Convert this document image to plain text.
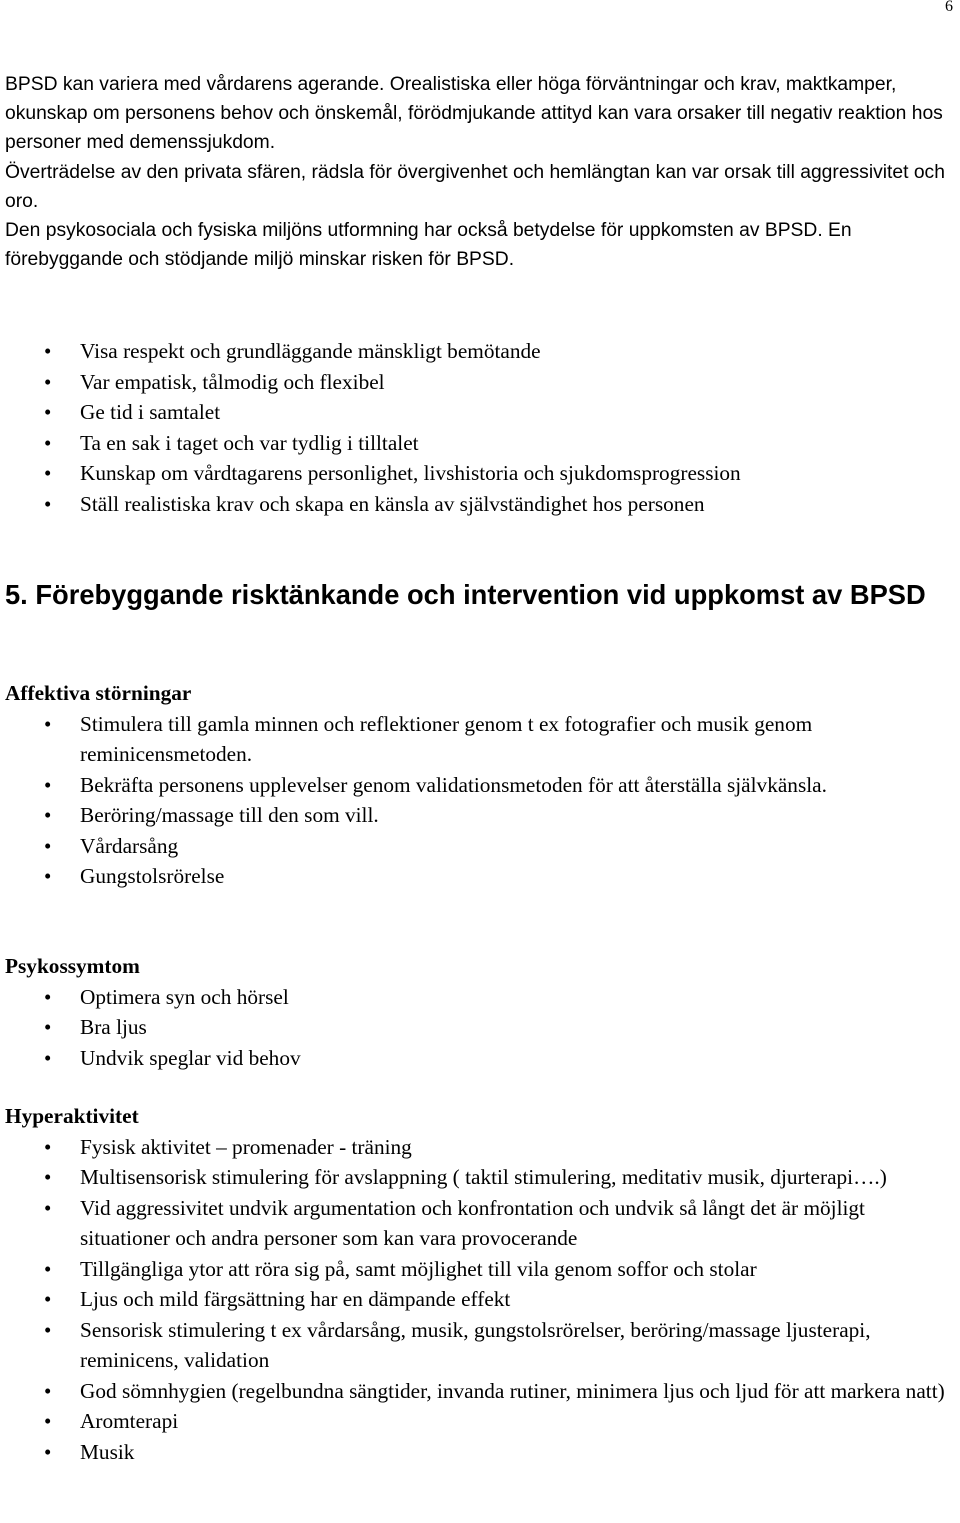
6

BPSD kan variera med vårdarens agerande. Orealistiska eller höga förväntningar och krav, maktkamper, okunskap om personens behov och önskemål, förödmjukande attityd kan vara orsaker till negativ reaktion hos personer med demenssjukdom.

Överträdelse av den privata sfären, rädsla för övergivenhet och hemlängtan kan var orsak till aggressivitet och oro.

Den psykosociala och fysiska miljöns utformning har också betydelse för uppkomsten av BPSD. En förebyggande och stödjande miljö minskar risken för BPSD.

• Visa respekt och grundläggande mänskligt bemötande
• Var empatisk, tålmodig och flexibel
• Ge tid i samtalet
• Ta en sak i taget och var tydlig i tilltalet
• Kunskap om vårdtagarens personlighet, livshistoria och sjukdomsprogression
• Ställ realistiska krav och skapa en känsla av självständighet hos personen
5. Förebyggande risktänkande och intervention vid uppkomst av BPSD
Affektiva störningar
• Stimulera till gamla minnen och reflektioner genom t ex fotografier och musik genom reminicensmetoden.
• Bekräfta personens upplevelser genom validationsmetoden för att återställa självkänsla.
• Beröring/massage till den som vill.
• Vårdarsång
• Gungstolsrörelse
Psykossymtom
• Optimera syn och hörsel
• Bra ljus
• Undvik speglar vid behov
Hyperaktivitet
• Fysisk aktivitet – promenader - träning
• Multisensorisk stimulering för avslappning ( taktil stimulering, meditativ musik, djurterapi….)
• Vid aggressivitet undvik argumentation och konfrontation och undvik så långt det är möjligt situationer och andra personer som kan vara provocerande
• Tillgängliga ytor att röra sig på, samt möjlighet till vila genom soffor och stolar
• Ljus och mild färgsättning har en dämpande effekt
• Sensorisk stimulering t ex vårdarsång, musik, gungstolsrörelser, beröring/massage ljusterapi, reminicens, validation
• God sömnhygien (regelbundna sängtider, invanda rutiner, minimera ljus och ljud för att markera natt)
• Aromterapi
• Musik
